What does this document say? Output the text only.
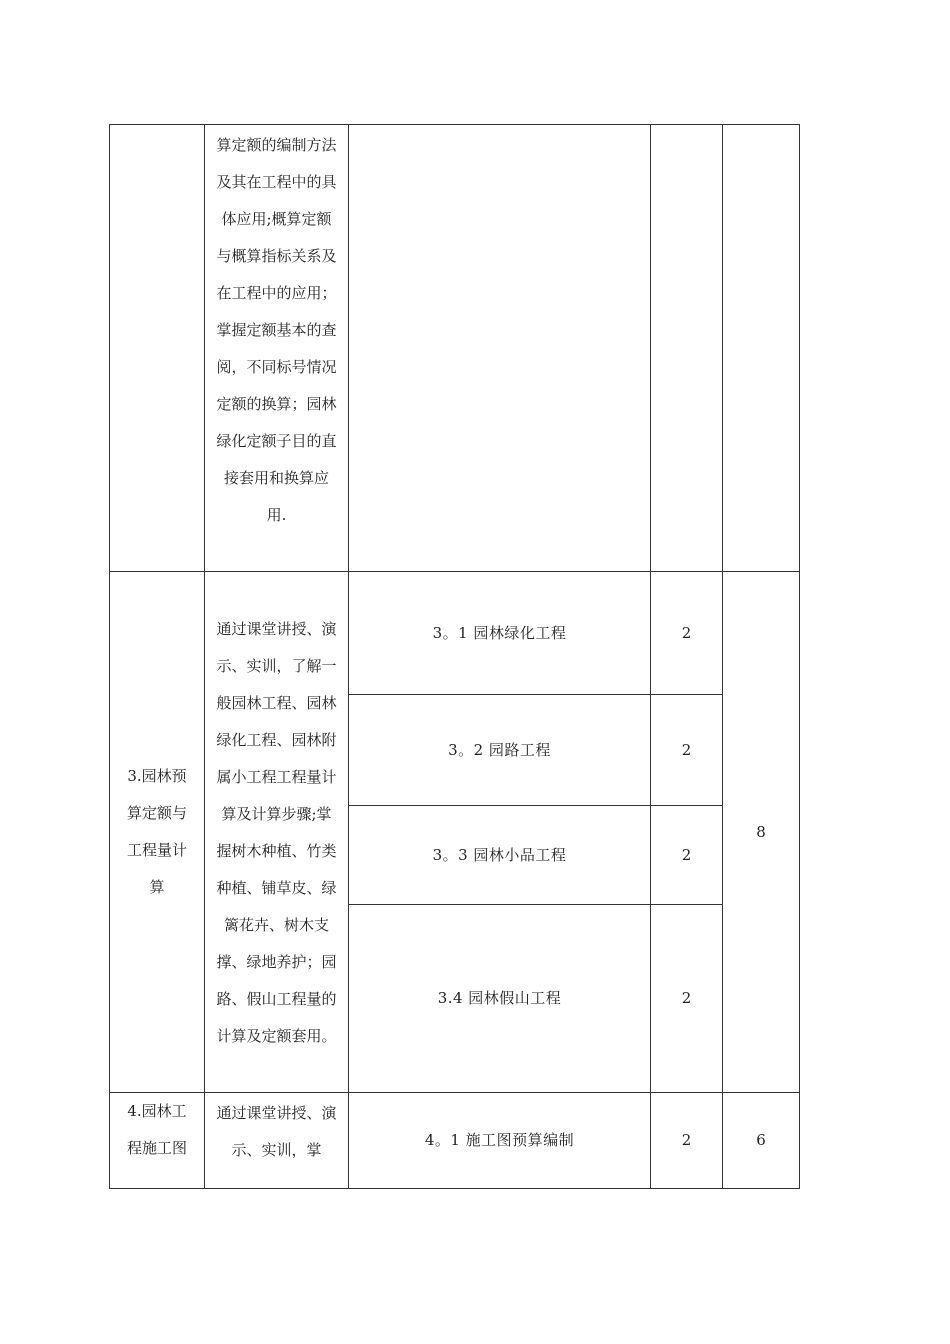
	算定额的编制方法及其在工程中的具体应用;概算定额与概算指标关系及在工程中的应用；掌握定额基本的查阅，不同标号情况定额的换算；园林绿化定额子目的直接套用和换算应用.			

3.园林预算定额与工程量计算	通过课堂讲授、演示、实训，了解一般园林工程、园林绿化工程、园林附属小工程工程量计算及计算步骤;掌握树木种植、竹类种植、铺草皮、绿篱花卉、树木支撑、绿地养护；园路、假山工程量的计算及定额套用。	3。1 园林绿化工程	2	8
		3。2 园路工程	2	
		3。3 园林小品工程	2	
		3.4 园林假山工程	2	

4.园林工程施工图	通过课堂讲授、演示、实训，掌	4。1 施工图预算编制	2	6
